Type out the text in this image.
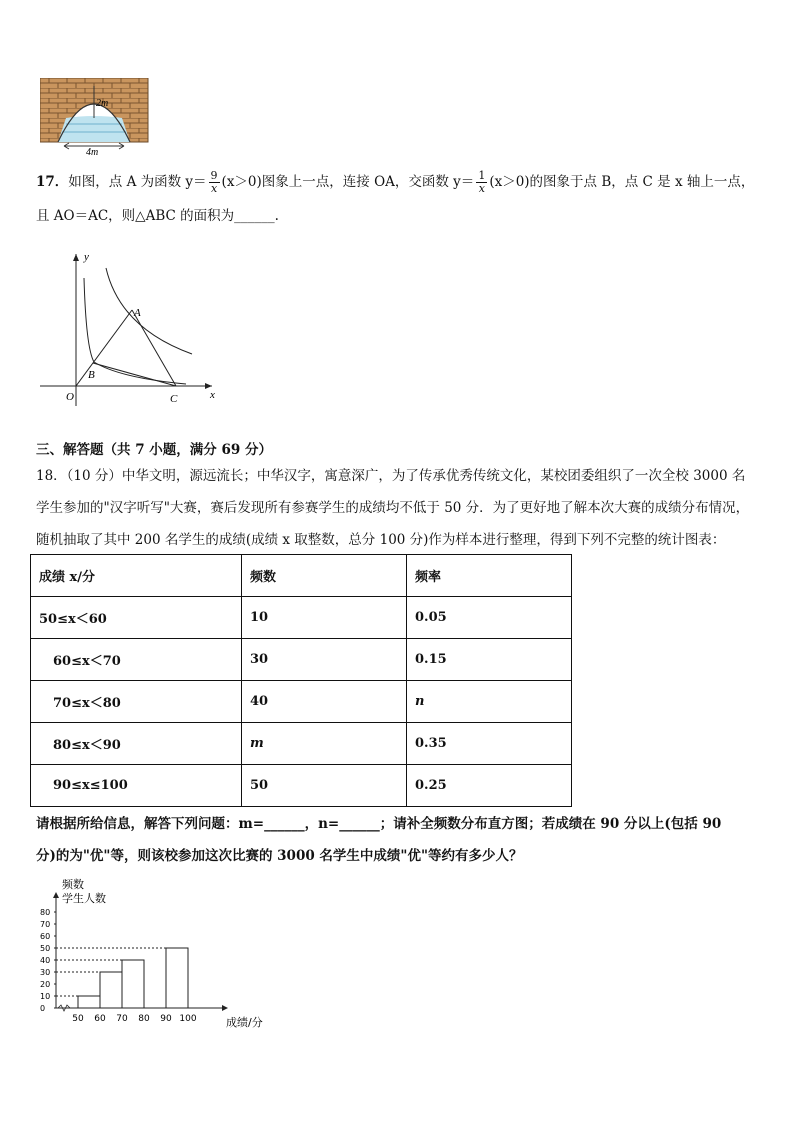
2m
4m
17．如图，点 A 为函数 $y= \frac{9}{x} (x>0)$图象上一点，连接 OA，交函数 $y= \frac{1}{x} (x>0)$的图象于点 B，点 C 是 x 轴上一点，
且 AO＝AC，则△ABC 的面积为______.
y
x
O
A
B
C
三、解答题（共 7 小题，满分 69 分）
18．（10 分）中华文明，源远流长；中华汉字，寓意深广，为了传承优秀传统文化，某校团委组织了一次全校 3000 名
学生参加的"汉字听写"大赛，赛后发现所有参赛学生的成绩均不低于 50 分．为了更好地了解本次大赛的成绩分布情况，
随机抽取了其中 200 名学生的成绩(成绩 x 取整数，总分 100 分)作为样本进行整理，得到下列不完整的统计图表：
成绩 x/分	频数	频率
50≤x＜60	10	0.05
60≤x＜70	30	0.15
70≤x＜80	40	n
80≤x＜90	m	0.35
90≤x≤100	50	0.25
请根据所给信息，解答下列问题：m=______，n=______；请补全频数分布直方图；若成绩在 90 分以上(包括 90
分)的为"优"等，则该校参加这次比赛的 3000 名学生中成绩"优"等约有多少人？
频数
学生人数
成绩/分
0
10
20
30
40
50
60
70
80
50 60 70 80 90 100
